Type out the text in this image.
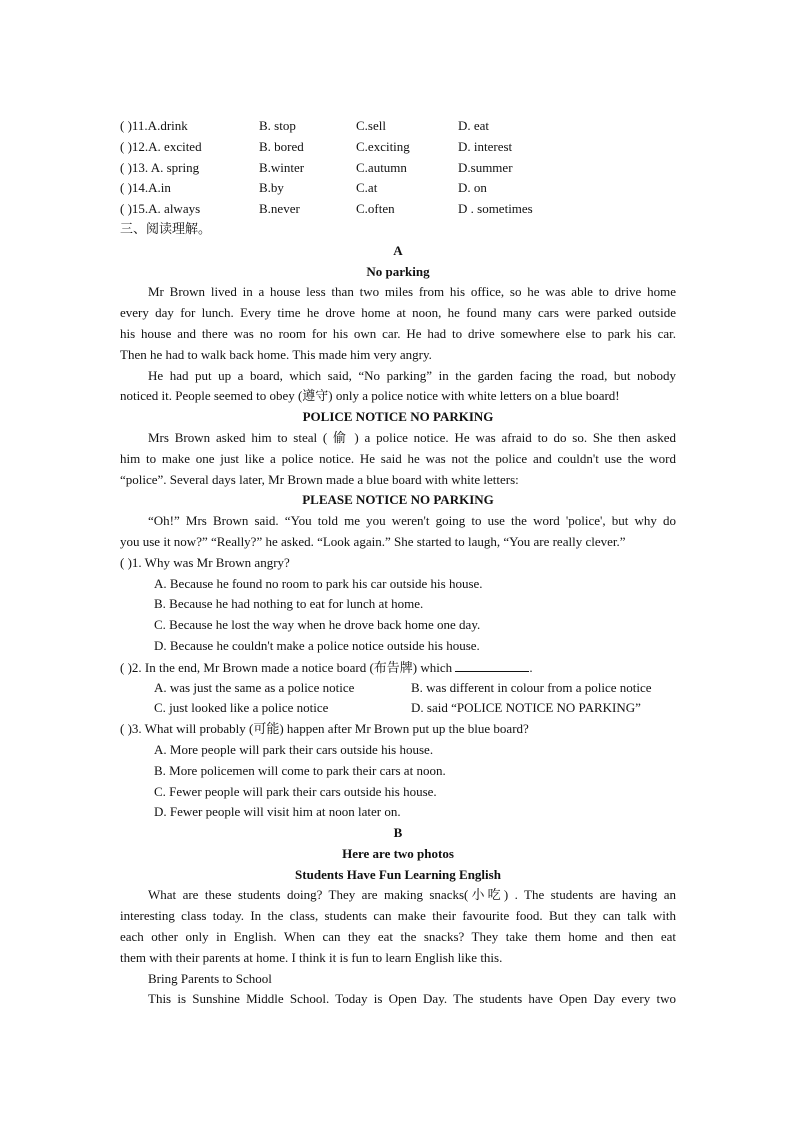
( )11.A.drink	B. stop	C.sell	D. eat
( )12.A. excited	B. bored	C.exciting	D. interest
( )13. A. spring	B.winter	C.autumn	D.summer
( )14.A.in	B.by	C.at	D. on
( )15.A. always	B.never	C.often	D . sometimes
三、阅读理解。
A
No parking
Mr Brown lived in a house less than two miles from his office, so he was able to drive home
every day for lunch. Every time he drove home at noon, he found many cars were parked outside
his house and there was no room for his own car. He had to drive somewhere else to park his car.
Then he had to walk back home. This made him very angry.
He had put up a board, which said, “No parking” in the garden facing the road, but nobody
noticed it. People seemed to obey (遵守) only a police notice with white letters on a blue board!
POLICE NOTICE NO PARKING
Mrs Brown asked him to steal ( 偷 ) a police notice. He was afraid to do so. She then asked
him to make one just like a police notice. He said he was not the police and couldn't use the word
“police”. Several days later, Mr Brown made a blue board with white letters:
PLEASE NOTICE NO PARKING
“Oh!” Mrs Brown said. “You told me you weren't going to use the word 'police', but why do
you use it now?” “Really?” he asked. “Look again.” She started to laugh, “You are really clever.”
( )1. Why was Mr Brown angry?
A. Because he found no room to park his car outside his house.
B. Because he had nothing to eat for lunch at home.
C. Because he lost the way when he drove back home one day.
D. Because he couldn't make a police notice outside his house.
( )2. In the end, Mr Brown made a notice board (布告牌) which	.
A. was just the same as a police notice	B. was different in colour from a police notice
C. just looked like a police notice	D. said “POLICE NOTICE NO PARKING”
( )3. What will probably (可能) happen after Mr Brown put up the blue board?
A. More people will park their cars outside his house.
B. More policemen will come to park their cars at noon.
C. Fewer people will park their cars outside his house.
D. Fewer people will visit him at noon later on.
B
Here are two photos
Students Have Fun Learning English
What are these students doing? They are making snacks(小吃) . The students are having an
interesting class today. In the class, students can make their favourite food. But they can talk with
each other only in English. When can they eat the snacks? They take them home and then eat
them with their parents at home. I think it is fun to learn English like this.
Bring Parents to School
This is Sunshine Middle School. Today is Open Day. The students have Open Day every two
